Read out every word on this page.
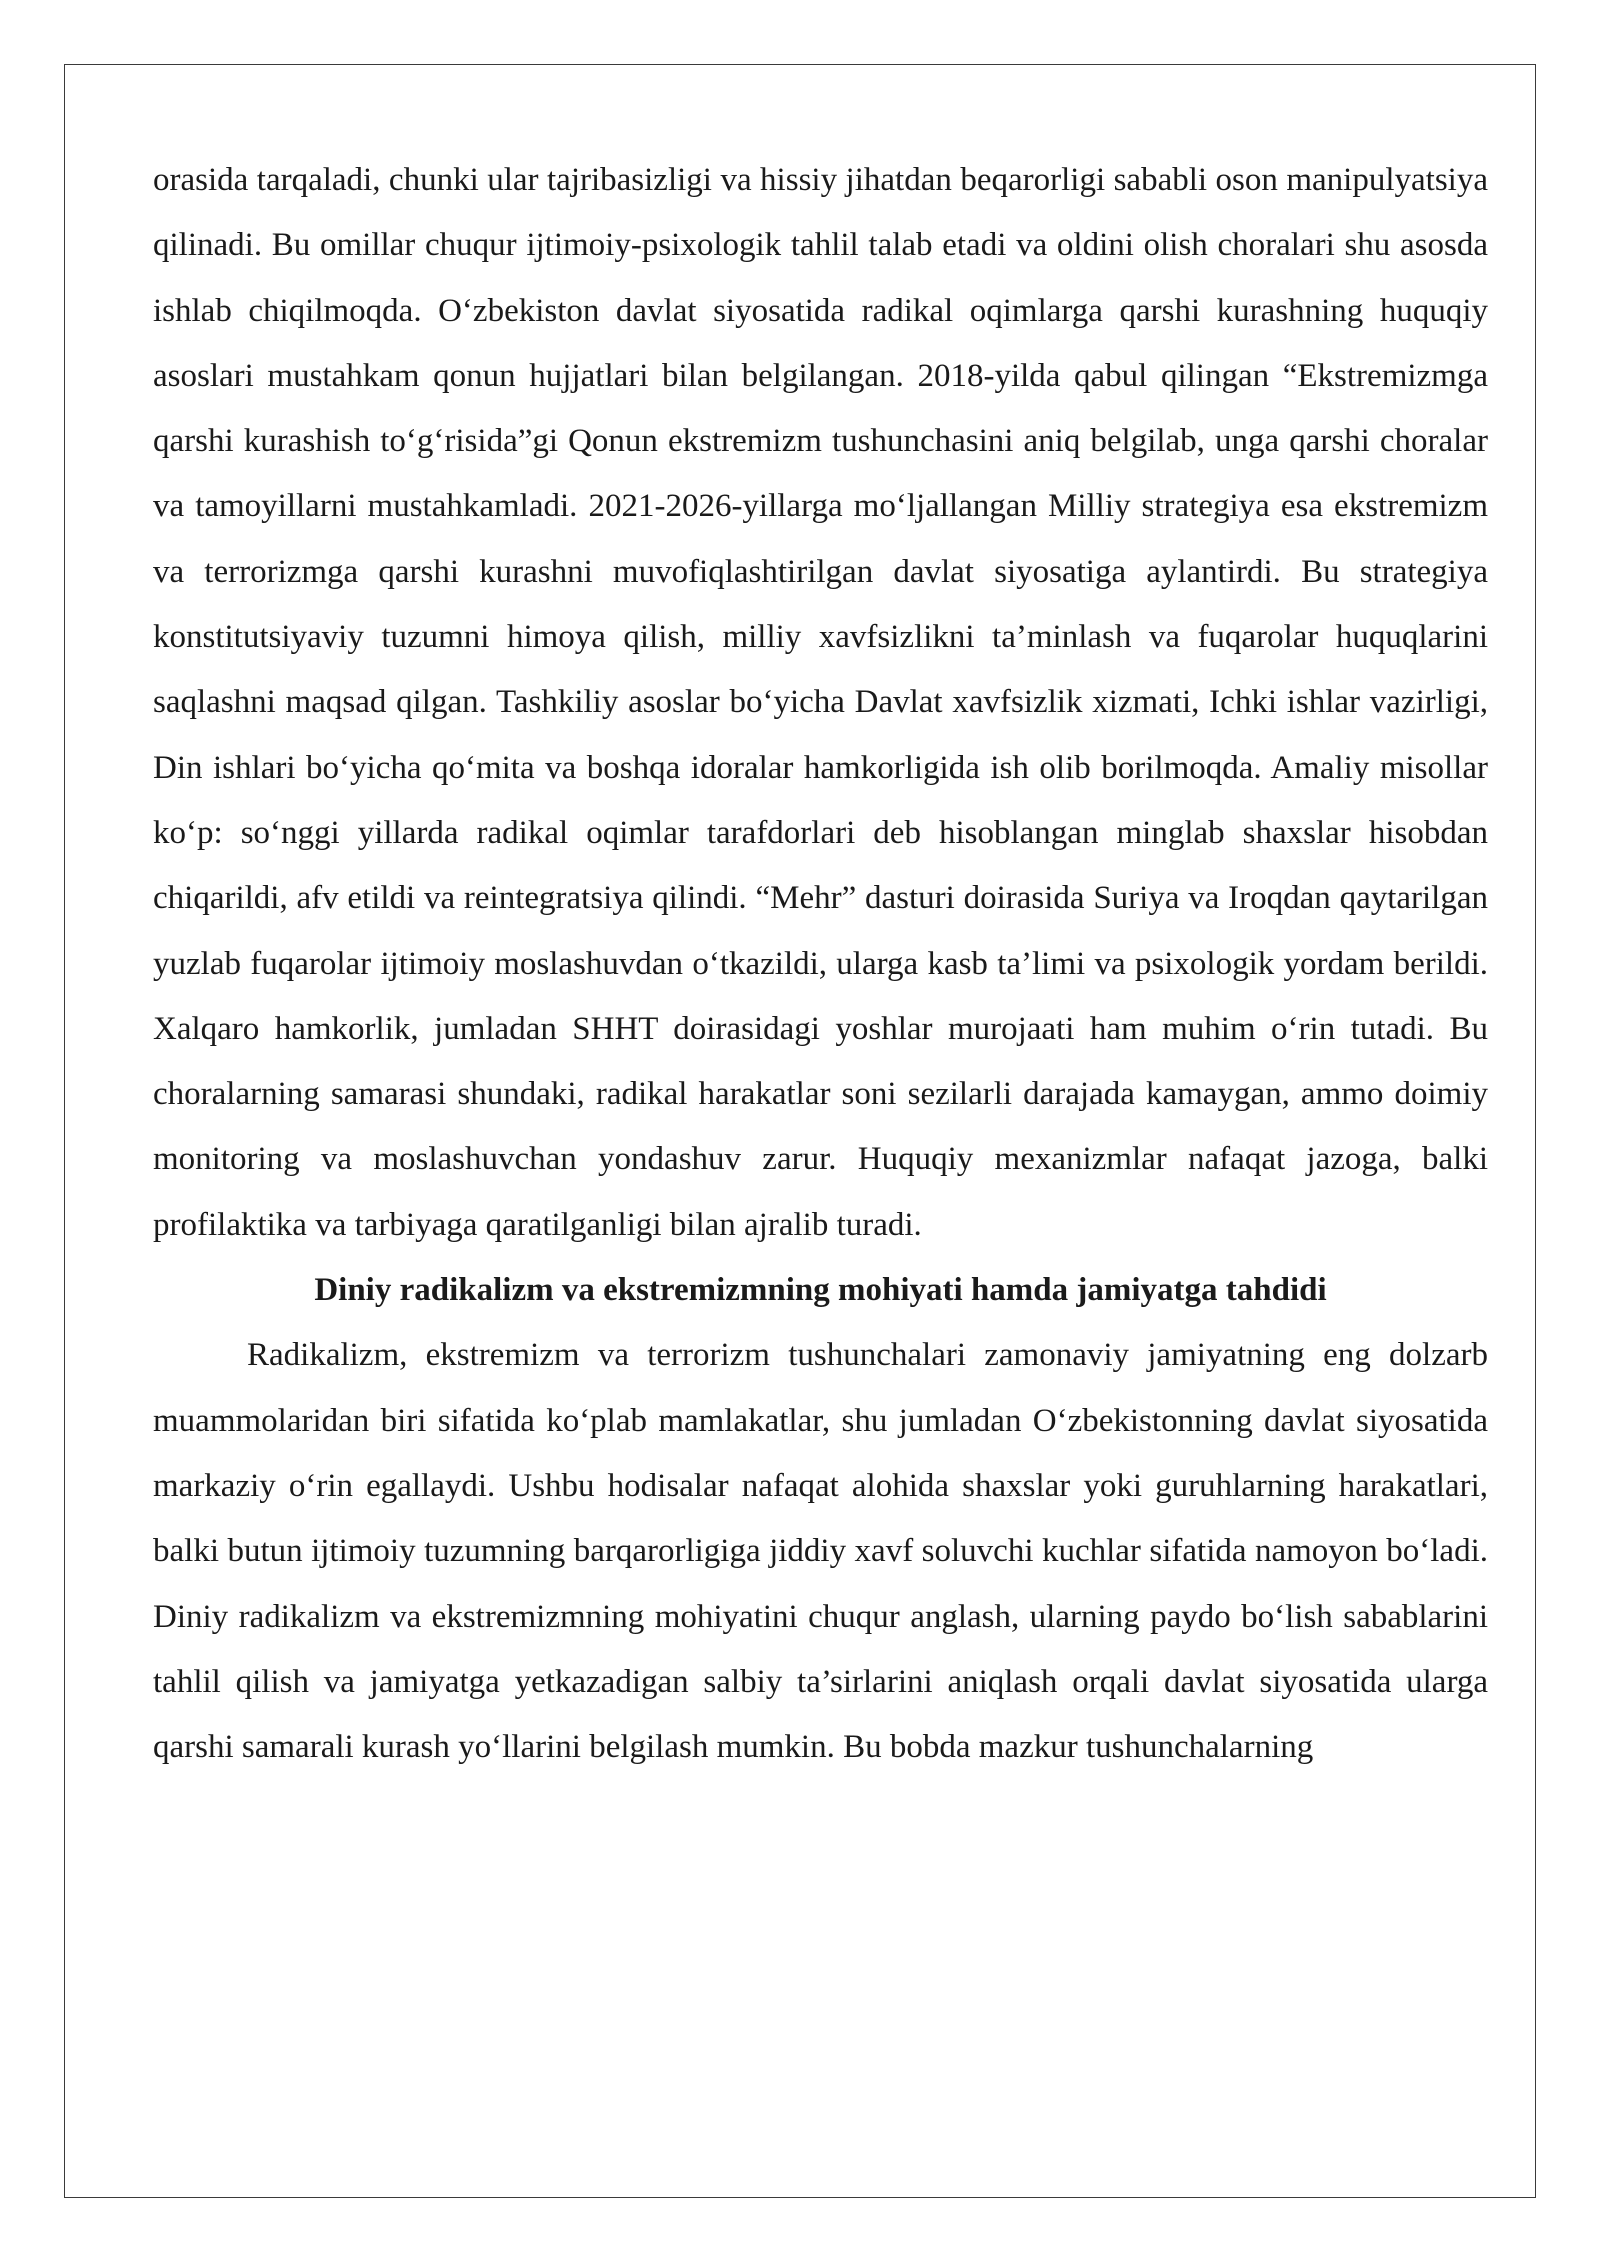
orasida tarqaladi, chunki ular tajribasizligi va hissiy jihatdan beqarorligi sababli oson manipulyatsiya qilinadi. Bu omillar chuqur ijtimoiy-psixologik tahlil talab etadi va oldini olish choralari shu asosda ishlab chiqilmoqda. O‘zbekiston davlat siyosatida radikal oqimlarga qarshi kurashning huquqiy asoslari mustahkam qonun hujjatlari bilan belgilangan. 2018-yilda qabul qilingan “Ekstremizmga qarshi kurashish to‘g‘risida”gi Qonun ekstremizm tushunchasini aniq belgilab, unga qarshi choralar va tamoyillarni mustahkamladi. 2021-2026-yillarga mo‘ljallangan Milliy strategiya esa ekstremizm va terrorizmga qarshi kurashni muvofiqlashtirilgan davlat siyosatiga aylantirdi. Bu strategiya konstitutsiyaviy tuzumni himoya qilish, milliy xavfsizlikni ta’minlash va fuqarolar huquqlarini saqlashni maqsad qilgan. Tashkiliy asoslar bo‘yicha Davlat xavfsizlik xizmati, Ichki ishlar vazirligi, Din ishlari bo‘yicha qo‘mita va boshqa idoralar hamkorligida ish olib borilmoqda. Amaliy misollar ko‘p: so‘nggi yillarda radikal oqimlar tarafdorlari deb hisoblangan minglab shaxslar hisobdan chiqarildi, afv etildi va reintegratsiya qilindi. “Mehr” dasturi doirasida Suriya va Iroqdan qaytarilgan yuzlab fuqarolar ijtimoiy moslashuvdan o‘tkazildi, ularga kasb ta’limi va psixologik yordam berildi. Xalqaro hamkorlik, jumladan SHHT doirasidagi yoshlar murojaati ham muhim o‘rin tutadi. Bu choralarning samarasi shundaki, radikal harakatlar soni sezilarli darajada kamaygan, ammo doimiy monitoring va moslashuvchan yondashuv zarur. Huquqiy mexanizmlar nafaqat jazoga, balki profilaktika va tarbiyaga qaratilganligi bilan ajralib turadi.

Diniy radikalizm va ekstremizmning mohiyati hamda jamiyatga tahdidi

Radikalizm, ekstremizm va terrorizm tushunchalari zamonaviy jamiyatning eng dolzarb muammolaridan biri sifatida ko‘plab mamlakatlar, shu jumladan O‘zbekistonning davlat siyosatida markaziy o‘rin egallaydi. Ushbu hodisalar nafaqat alohida shaxslar yoki guruhlarning harakatlari, balki butun ijtimoiy tuzumning barqarorligiga jiddiy xavf soluvchi kuchlar sifatida namoyon bo‘ladi. Diniy radikalizm va ekstremizmning mohiyatini chuqur anglash, ularning paydo bo‘lish sabablarini tahlil qilish va jamiyatga yetkazadigan salbiy ta’sirlarini aniqlash orqali davlat siyosatida ularga qarshi samarali kurash yo‘llarini belgilash mumkin. Bu bobda mazkur tushunchalarning
